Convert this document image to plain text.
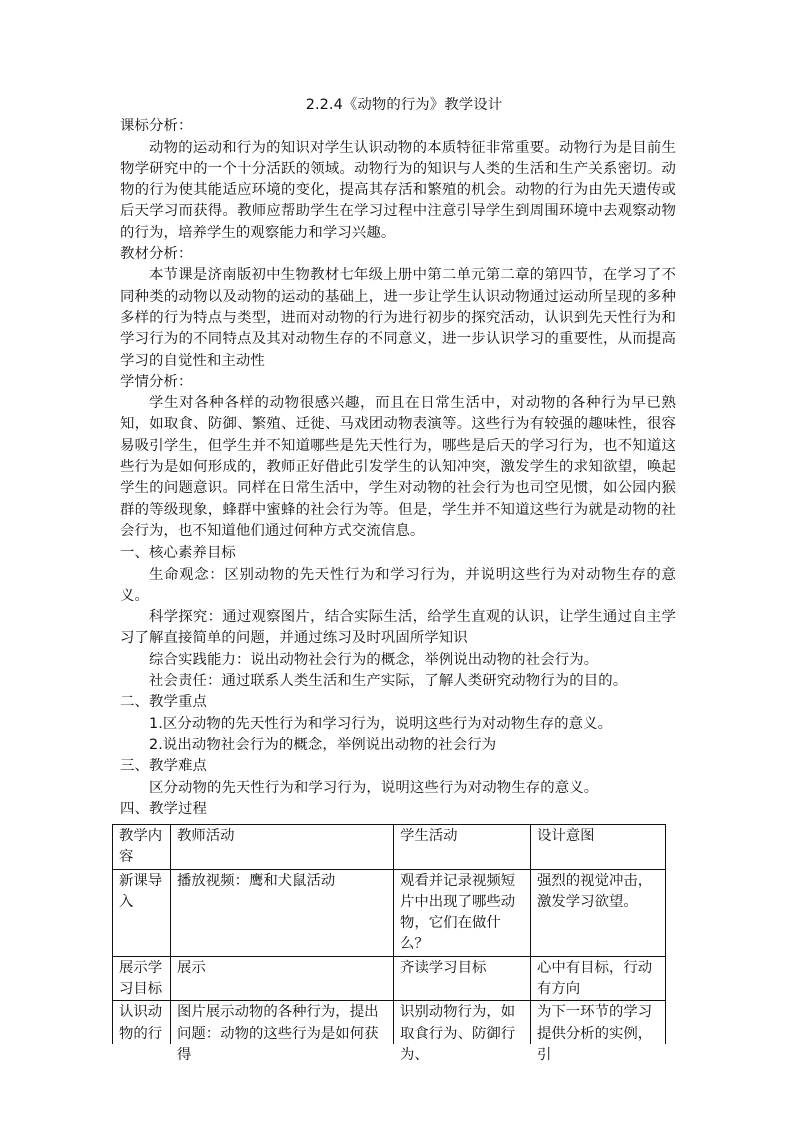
2.2.4《动物的行为》教学设计

课标分析：

动物的运动和行为的知识对学生认识动物的本质特征非常重要。动物行为是目前生物学研究中的一个十分活跃的领域。动物行为的知识与人类的生活和生产关系密切。动物的行为使其能适应环境的变化，提高其存活和繁殖的机会。动物的行为由先天遗传或后天学习而获得。教师应帮助学生在学习过程中注意引导学生到周围环境中去观察动物的行为，培养学生的观察能力和学习兴趣。

教材分析：

本节课是济南版初中生物教材七年级上册中第二单元第二章的第四节，在学习了不同种类的动物以及动物的运动的基础上，进一步让学生认识动物通过运动所呈现的多种多样的行为特点与类型，进而对动物的行为进行初步的探究活动，认识到先天性行为和学习行为的不同特点及其对动物生存的不同意义，进一步认识学习的重要性，从而提高学习的自觉性和主动性

学情分析：

学生对各种各样的动物很感兴趣，而且在日常生活中，对动物的各种行为早已熟知，如取食、防御、繁殖、迁徙、马戏团动物表演等。这些行为有较强的趣味性，很容易吸引学生，但学生并不知道哪些是先天性行为，哪些是后天的学习行为，也不知道这些行为是如何形成的，教师正好借此引发学生的认知冲突，激发学生的求知欲望，唤起学生的问题意识。同样在日常生活中，学生对动物的社会行为也司空见惯，如公园内猴群的等级现象，蜂群中蜜蜂的社会行为等。但是，学生并不知道这些行为就是动物的社会行为，也不知道他们通过何种方式交流信息。

一、核心素养目标

生命观念：区别动物的先天性行为和学习行为，并说明这些行为对动物生存的意义。

科学探究：通过观察图片，结合实际生活，给学生直观的认识，让学生通过自主学习了解直接简单的问题，并通过练习及时巩固所学知识

综合实践能力：说出动物社会行为的概念，举例说出动物的社会行为。

社会责任：通过联系人类生活和生产实际，了解人类研究动物行为的目的。

二、教学重点

1.区分动物的先天性行为和学习行为，说明这些行为对动物生存的意义。

2.说出动物社会行为的概念，举例说出动物的社会行为

三、教学难点

区分动物的先天性行为和学习行为，说明这些行为对动物生存的意义。

四、教学过程

教学内容	教师活动	学生活动	设计意图
新课导入	播放视频：鹰和犬鼠活动	观看并记录视频短片中出现了哪些动物，它们在做什么？	强烈的视觉冲击，激发学习欲望。
展示学习目标	展示	齐读学习目标	心中有目标，行动有方向

认识动物的行	图片展示动物的各种行为，提出问题：动物的这些行为是如何获得	识别动物行为，如取食行为、防御行为、	为下一环节的学习提供分析的实例，引
